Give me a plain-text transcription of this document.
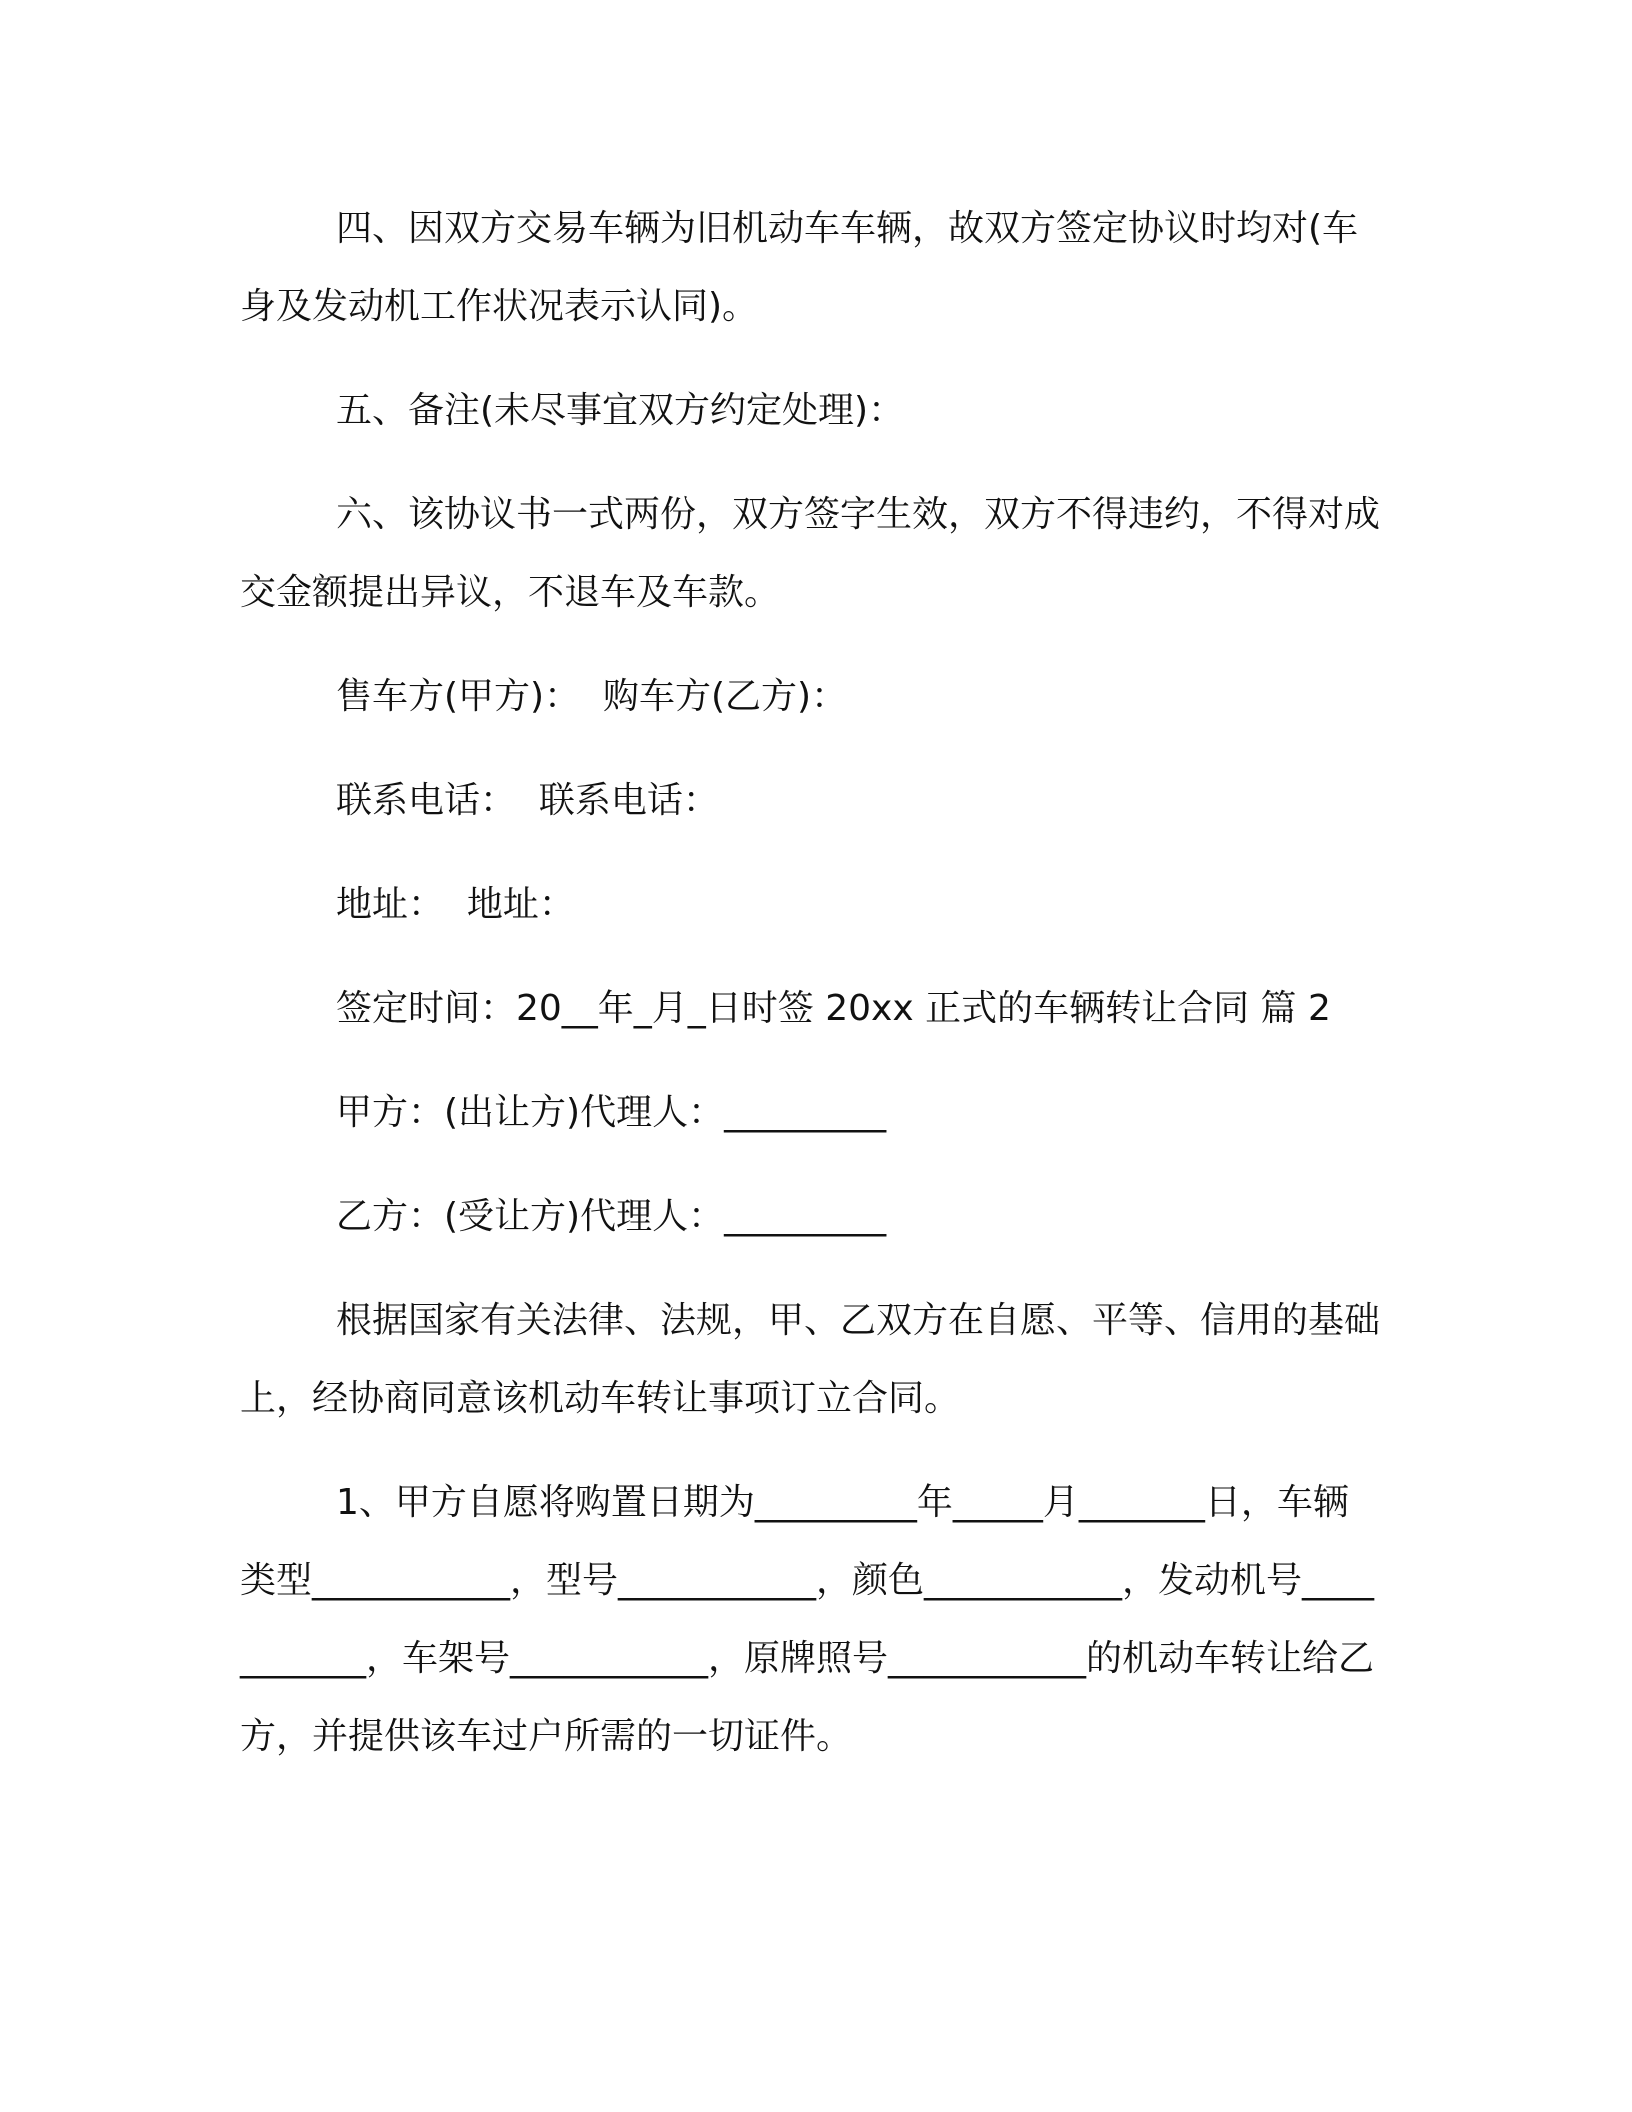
四、因双方交易车辆为旧机动车车辆，故双方签定协议时均对(车身及发动机工作状况表示认同)。

五、备注(未尽事宜双方约定处理)：

六、该协议书一式两份，双方签字生效，双方不得违约，不得对成交金额提出异议，不退车及车款。

售车方(甲方)：  购车方(乙方)：

联系电话：  联系电话：

地址：  地址：

签定时间：20__年_月_日时签 20xx 正式的车辆转让合同 篇 2

甲方：(出让方)代理人：_________

乙方：(受让方)代理人：_________

根据国家有关法律、法规，甲、乙双方在自愿、平等、信用的基础上，经协商同意该机动车转让事项订立合同。

1、甲方自愿将购置日期为_________年_____月_______日，车辆类型___________，型号___________，颜色___________，发动机号___________，车架号___________，原牌照号___________的机动车转让给乙方，并提供该车过户所需的一切证件。
